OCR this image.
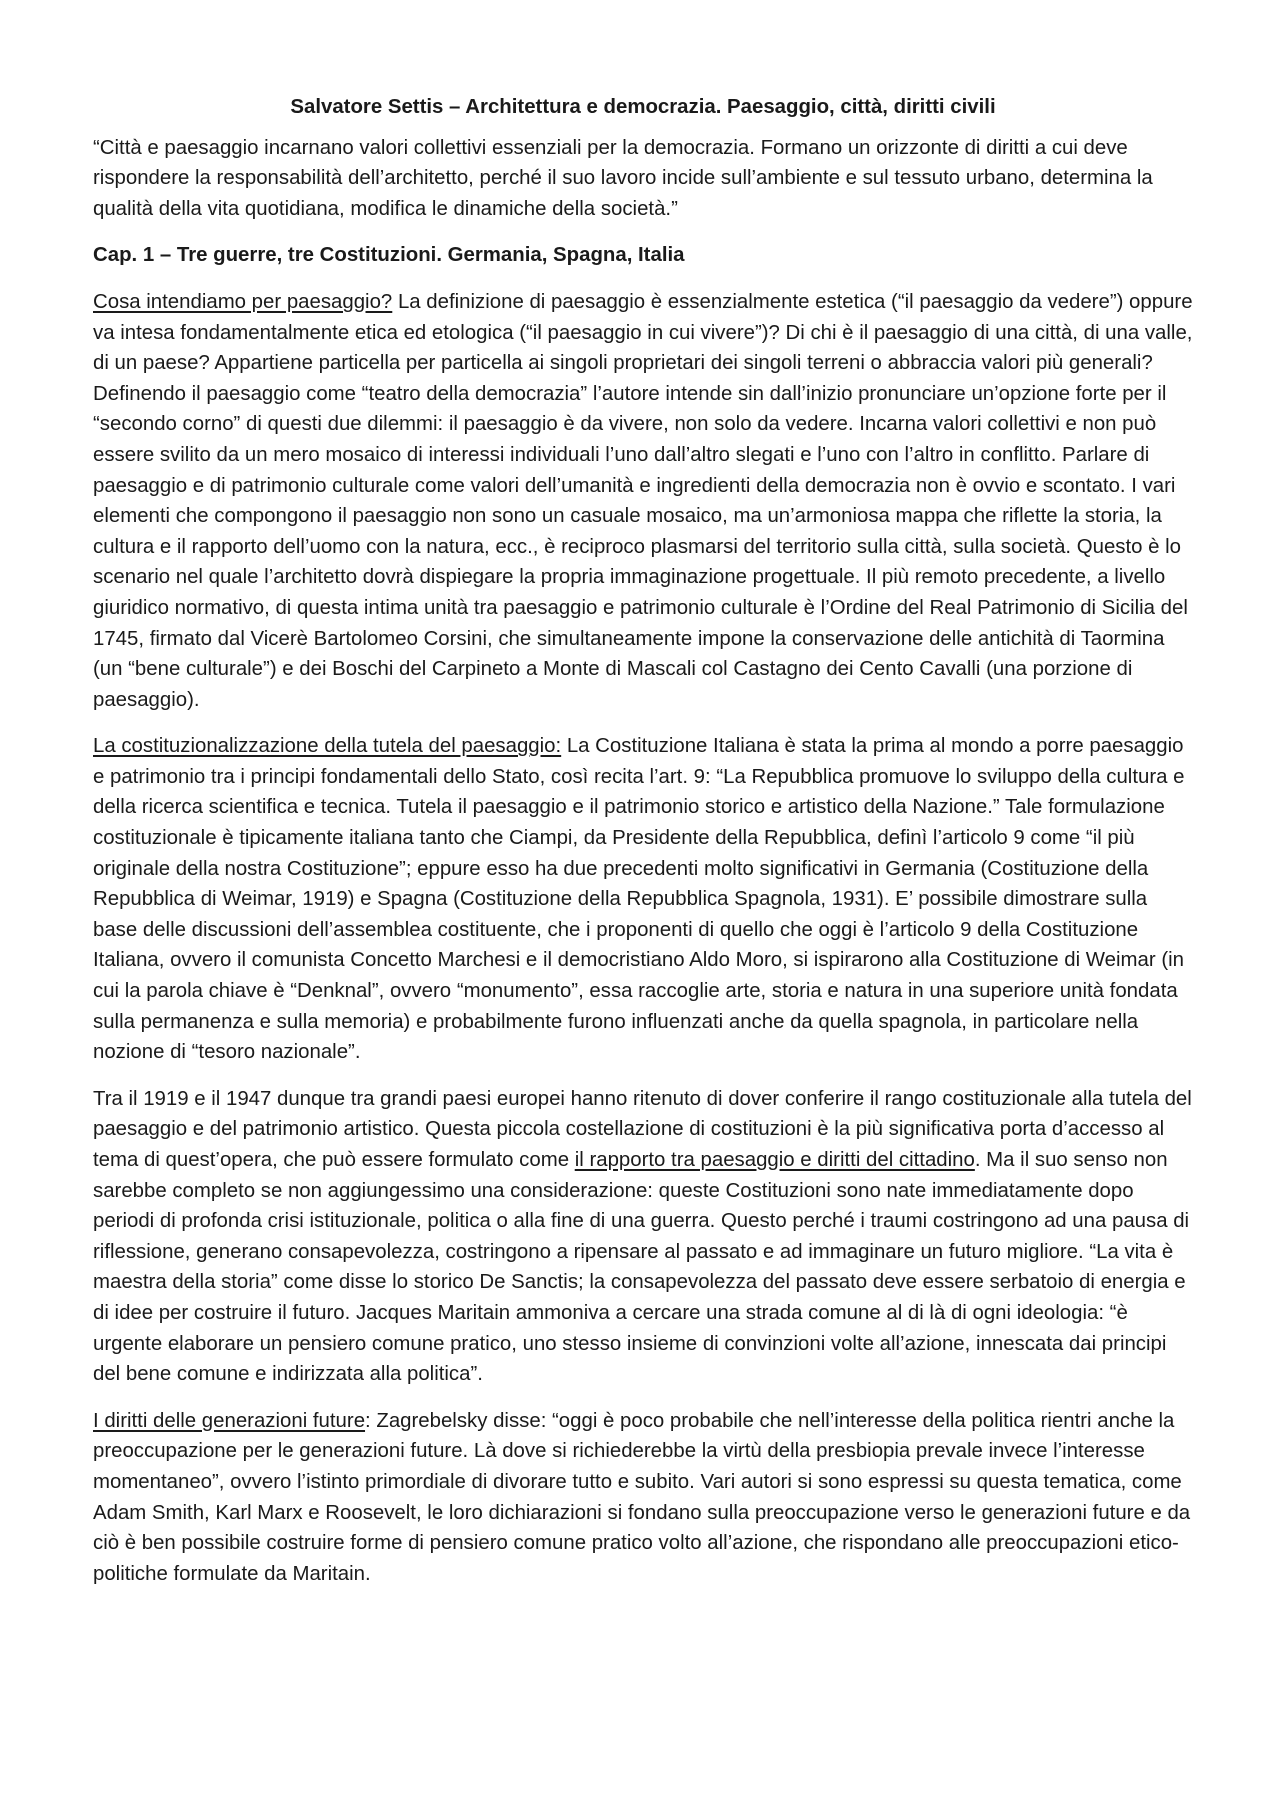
Salvatore Settis – Architettura e democrazia. Paesaggio, città, diritti civili

“Città e paesaggio incarnano valori collettivi essenziali per la democrazia. Formano un orizzonte di diritti a cui deve rispondere la responsabilità dell’architetto, perché il suo lavoro incide sull’ambiente e sul tessuto urbano, determina la qualità della vita quotidiana, modifica le dinamiche della società.”

Cap. 1 – Tre guerre, tre Costituzioni. Germania, Spagna, Italia

Cosa intendiamo per paesaggio? La definizione di paesaggio è essenzialmente estetica (“il paesaggio da vedere”) oppure va intesa fondamentalmente etica ed etologica (“il paesaggio in cui vivere”)? Di chi è il paesaggio di una città, di una valle, di un paese? Appartiene particella per particella ai singoli proprietari dei singoli terreni o abbraccia valori più generali? Definendo il paesaggio come “teatro della democrazia” l’autore intende sin dall’inizio pronunciare un’opzione forte per il “secondo corno” di questi due dilemmi: il paesaggio è da vivere, non solo da vedere. Incarna valori collettivi e non può essere svilito da un mero mosaico di interessi individuali l’uno dall’altro slegati e l’uno con l’altro in conflitto. Parlare di paesaggio e di patrimonio culturale come valori dell’umanità e ingredienti della democrazia non è ovvio e scontato. I vari elementi che compongono il paesaggio non sono un casuale mosaico, ma un’armoniosa mappa che riflette la storia, la cultura e il rapporto dell’uomo con la natura, ecc., è reciproco plasmarsi del territorio sulla città, sulla società. Questo è lo scenario nel quale l’architetto dovrà dispiegare la propria immaginazione progettuale. Il più remoto precedente, a livello giuridico normativo, di questa intima unità tra paesaggio e patrimonio culturale è l’Ordine del Real Patrimonio di Sicilia del 1745, firmato dal Vicerè Bartolomeo Corsini, che simultaneamente impone la conservazione delle antichità di Taormina (un “bene culturale”) e dei Boschi del Carpineto a Monte di Mascali col Castagno dei Cento Cavalli (una porzione di paesaggio).

La costituzionalizzazione della tutela del paesaggio: La Costituzione Italiana è stata la prima al mondo a porre paesaggio e patrimonio tra i principi fondamentali dello Stato, così recita l’art. 9: “La Repubblica promuove lo sviluppo della cultura e della ricerca scientifica e tecnica. Tutela il paesaggio e il patrimonio storico e artistico della Nazione.” Tale formulazione costituzionale è tipicamente italiana tanto che Ciampi, da Presidente della Repubblica, definì l’articolo 9 come “il più originale della nostra Costituzione”; eppure esso ha due precedenti molto significativi in Germania (Costituzione della Repubblica di Weimar, 1919) e Spagna (Costituzione della Repubblica Spagnola, 1931). E’ possibile dimostrare sulla base delle discussioni dell’assemblea costituente, che i proponenti di quello che oggi è l’articolo 9 della Costituzione Italiana, ovvero il comunista Concetto Marchesi e il democristiano Aldo Moro, si ispirarono alla Costituzione di Weimar (in cui la parola chiave è “Denknal”, ovvero “monumento”, essa raccoglie arte, storia e natura in una superiore unità fondata sulla permanenza e sulla memoria) e probabilmente furono influenzati anche da quella spagnola, in particolare nella nozione di “tesoro nazionale”.

Tra il 1919 e il 1947 dunque tra grandi paesi europei hanno ritenuto di dover conferire il rango costituzionale alla tutela del paesaggio e del patrimonio artistico. Questa piccola costellazione di costituzioni è la più significativa porta d’accesso al tema di quest’opera, che può essere formulato come il rapporto tra paesaggio e diritti del cittadino. Ma il suo senso non sarebbe completo se non aggiungessimo una considerazione: queste Costituzioni sono nate immediatamente dopo periodi di profonda crisi istituzionale, politica o alla fine di una guerra. Questo perché i traumi costringono ad una pausa di riflessione, generano consapevolezza, costringono a ripensare al passato e ad immaginare un futuro migliore. “La vita è maestra della storia” come disse lo storico De Sanctis; la consapevolezza del passato deve essere serbatoio di energia e di idee per costruire il futuro. Jacques Maritain ammoniva a cercare una strada comune al di là di ogni ideologia: “è urgente elaborare un pensiero comune pratico, uno stesso insieme di convinzioni volte all’azione, innescata dai principi del bene comune e indirizzata alla politica”.

I diritti delle generazioni future: Zagrebelsky disse: “oggi è poco probabile che nell’interesse della politica rientri anche la preoccupazione per le generazioni future. Là dove si richiederebbe la virtù della presbiopia prevale invece l’interesse momentaneo”, ovvero l’istinto primordiale di divorare tutto e subito. Vari autori si sono espressi su questa tematica, come Adam Smith, Karl Marx e Roosevelt, le loro dichiarazioni si fondano sulla preoccupazione verso le generazioni future e da ciò è ben possibile costruire forme di pensiero comune pratico volto all’azione, che rispondano alle preoccupazioni etico-politiche formulate da Maritain.
